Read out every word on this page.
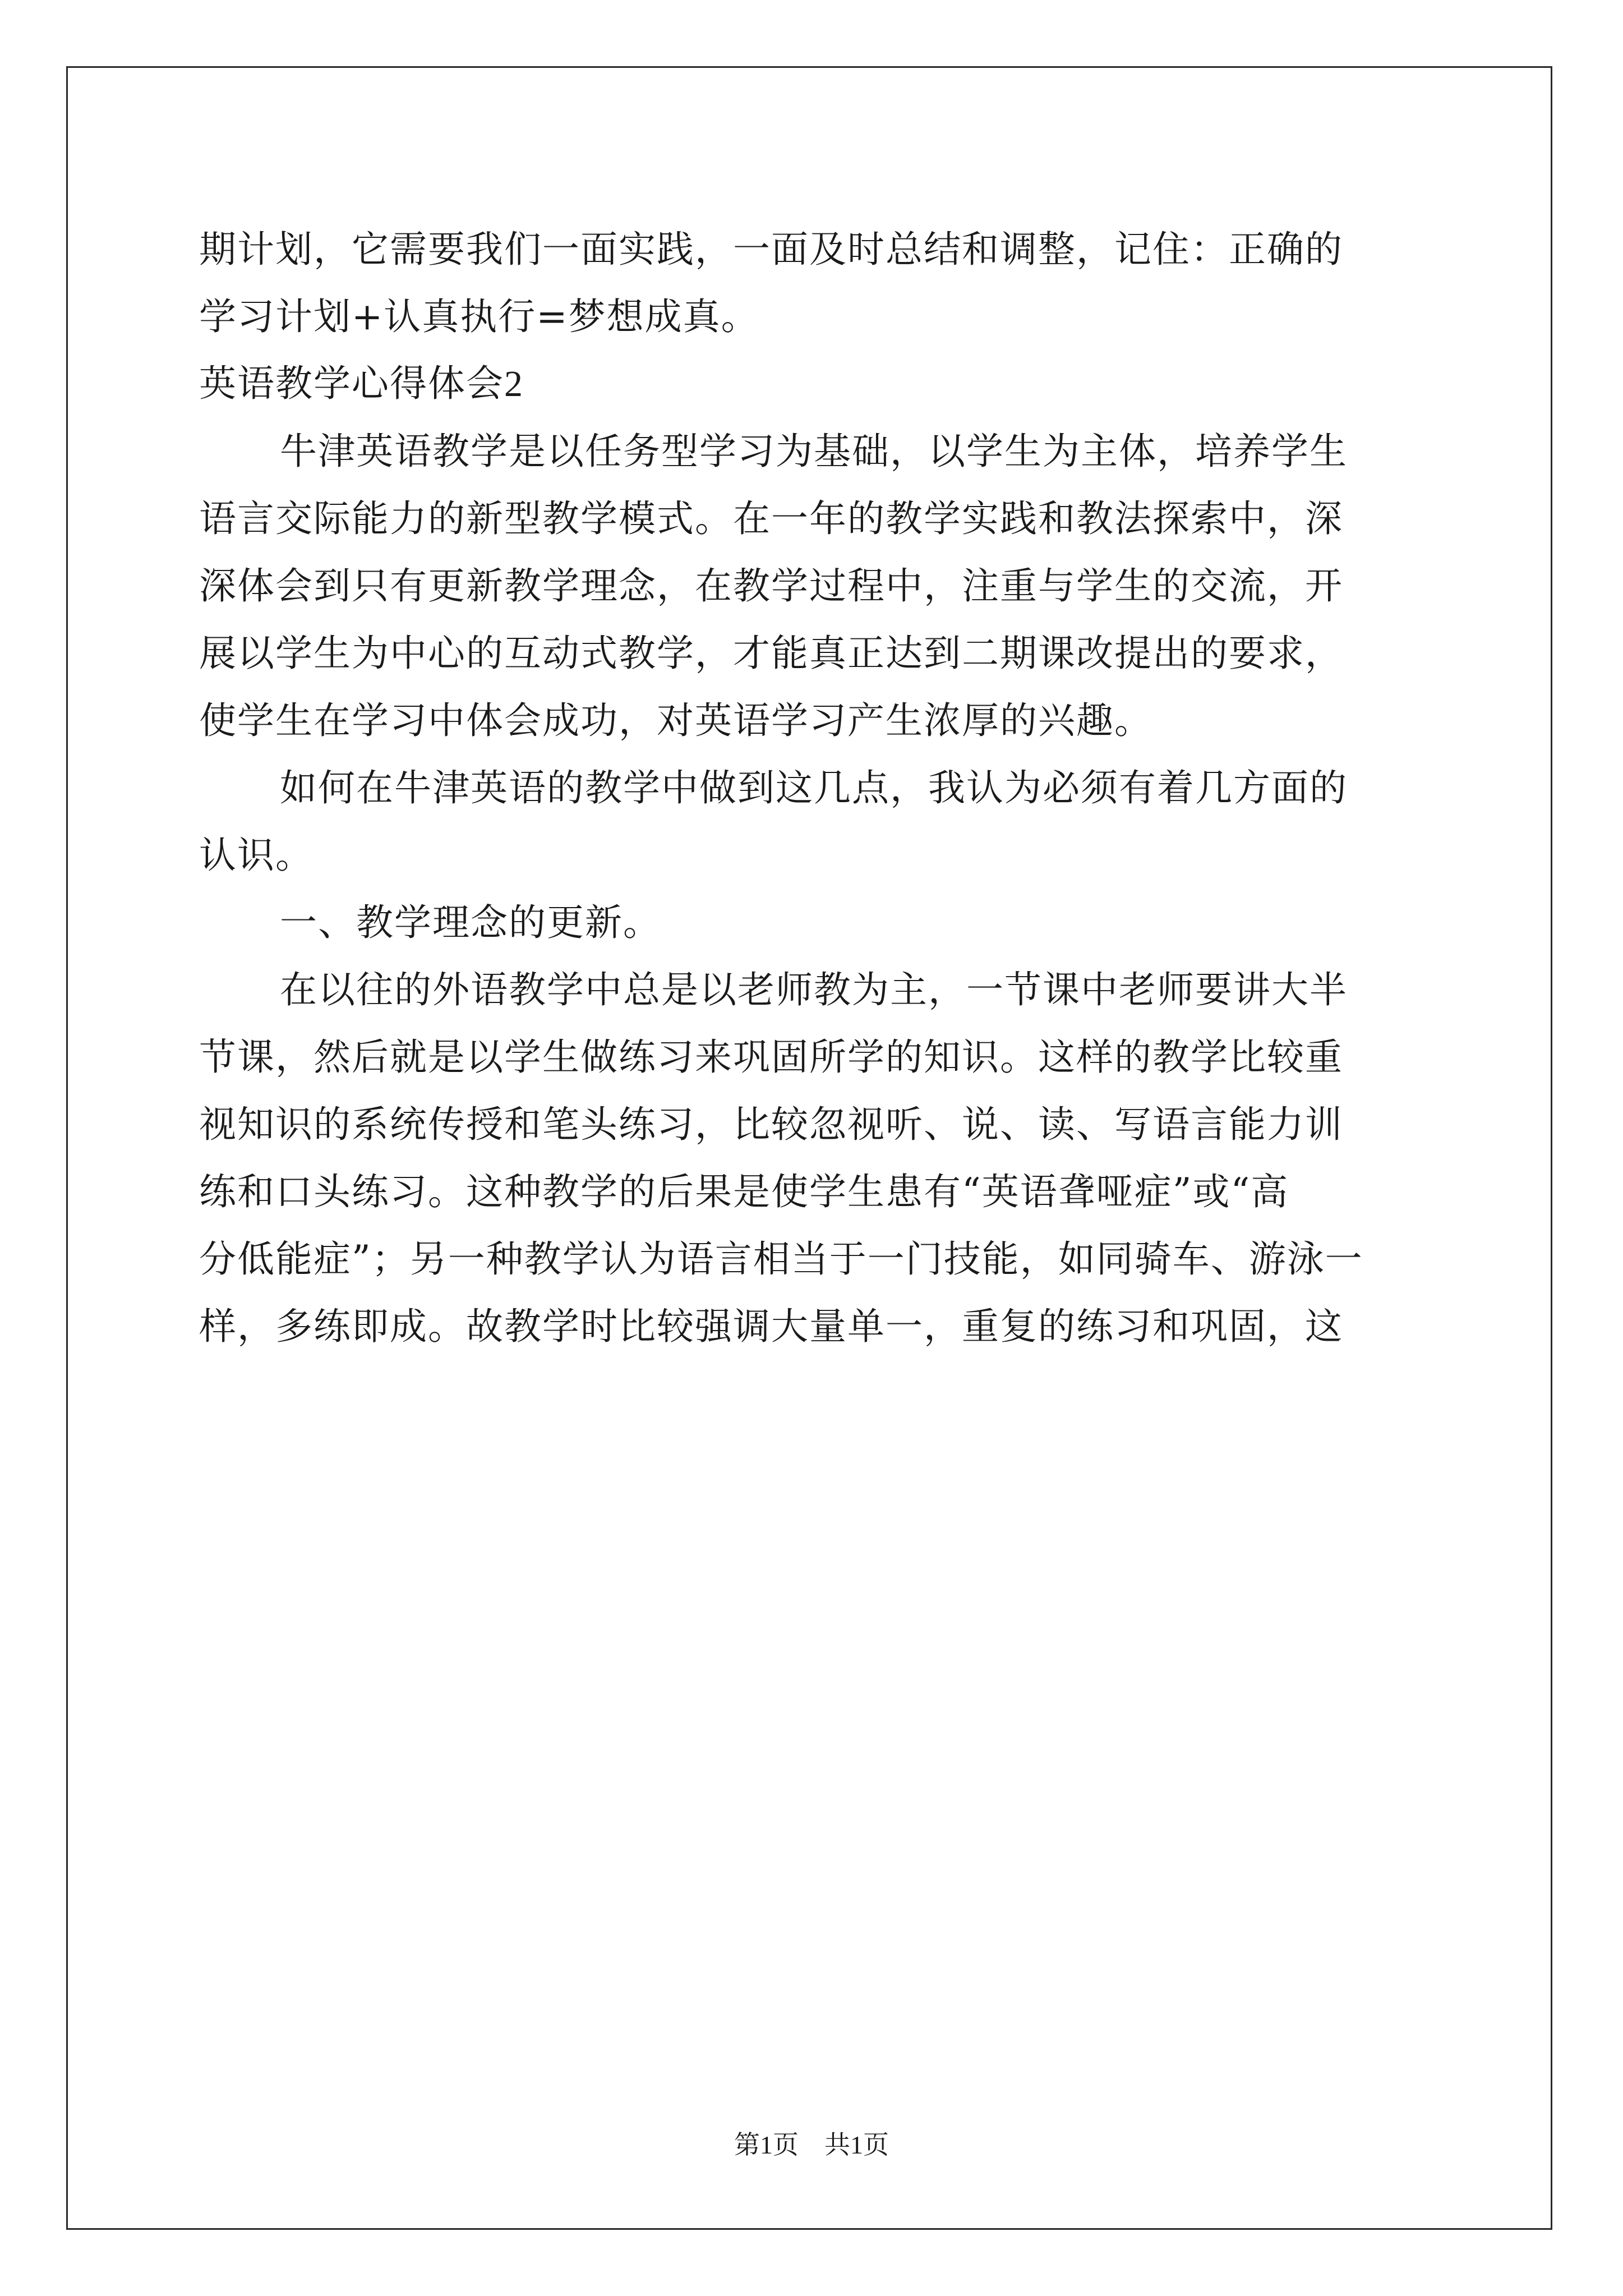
期计划，它需要我们一面实践，一面及时总结和调整，记住：正确的
学习计划+认真执行=梦想成真。
英语教学心得体会2
牛津英语教学是以任务型学习为基础，以学生为主体，培养学生
语言交际能力的新型教学模式。在一年的教学实践和教法探索中，深
深体会到只有更新教学理念，在教学过程中，注重与学生的交流，开
展以学生为中心的互动式教学，才能真正达到二期课改提出的要求，
使学生在学习中体会成功，对英语学习产生浓厚的兴趣。
如何在牛津英语的教学中做到这几点，我认为必须有着几方面的
认识。
一、教学理念的更新。
在以往的外语教学中总是以老师教为主，一节课中老师要讲大半
节课，然后就是以学生做练习来巩固所学的知识。这样的教学比较重
视知识的系统传授和笔头练习，比较忽视听、说、读、写语言能力训
练和口头练习。这种教学的后果是使学生患有“英语聋哑症”或“高
分低能症”；另一种教学认为语言相当于一门技能，如同骑车、游泳一
样，多练即成。故教学时比较强调大量单一，重复的练习和巩固，这
第1页　共1页
